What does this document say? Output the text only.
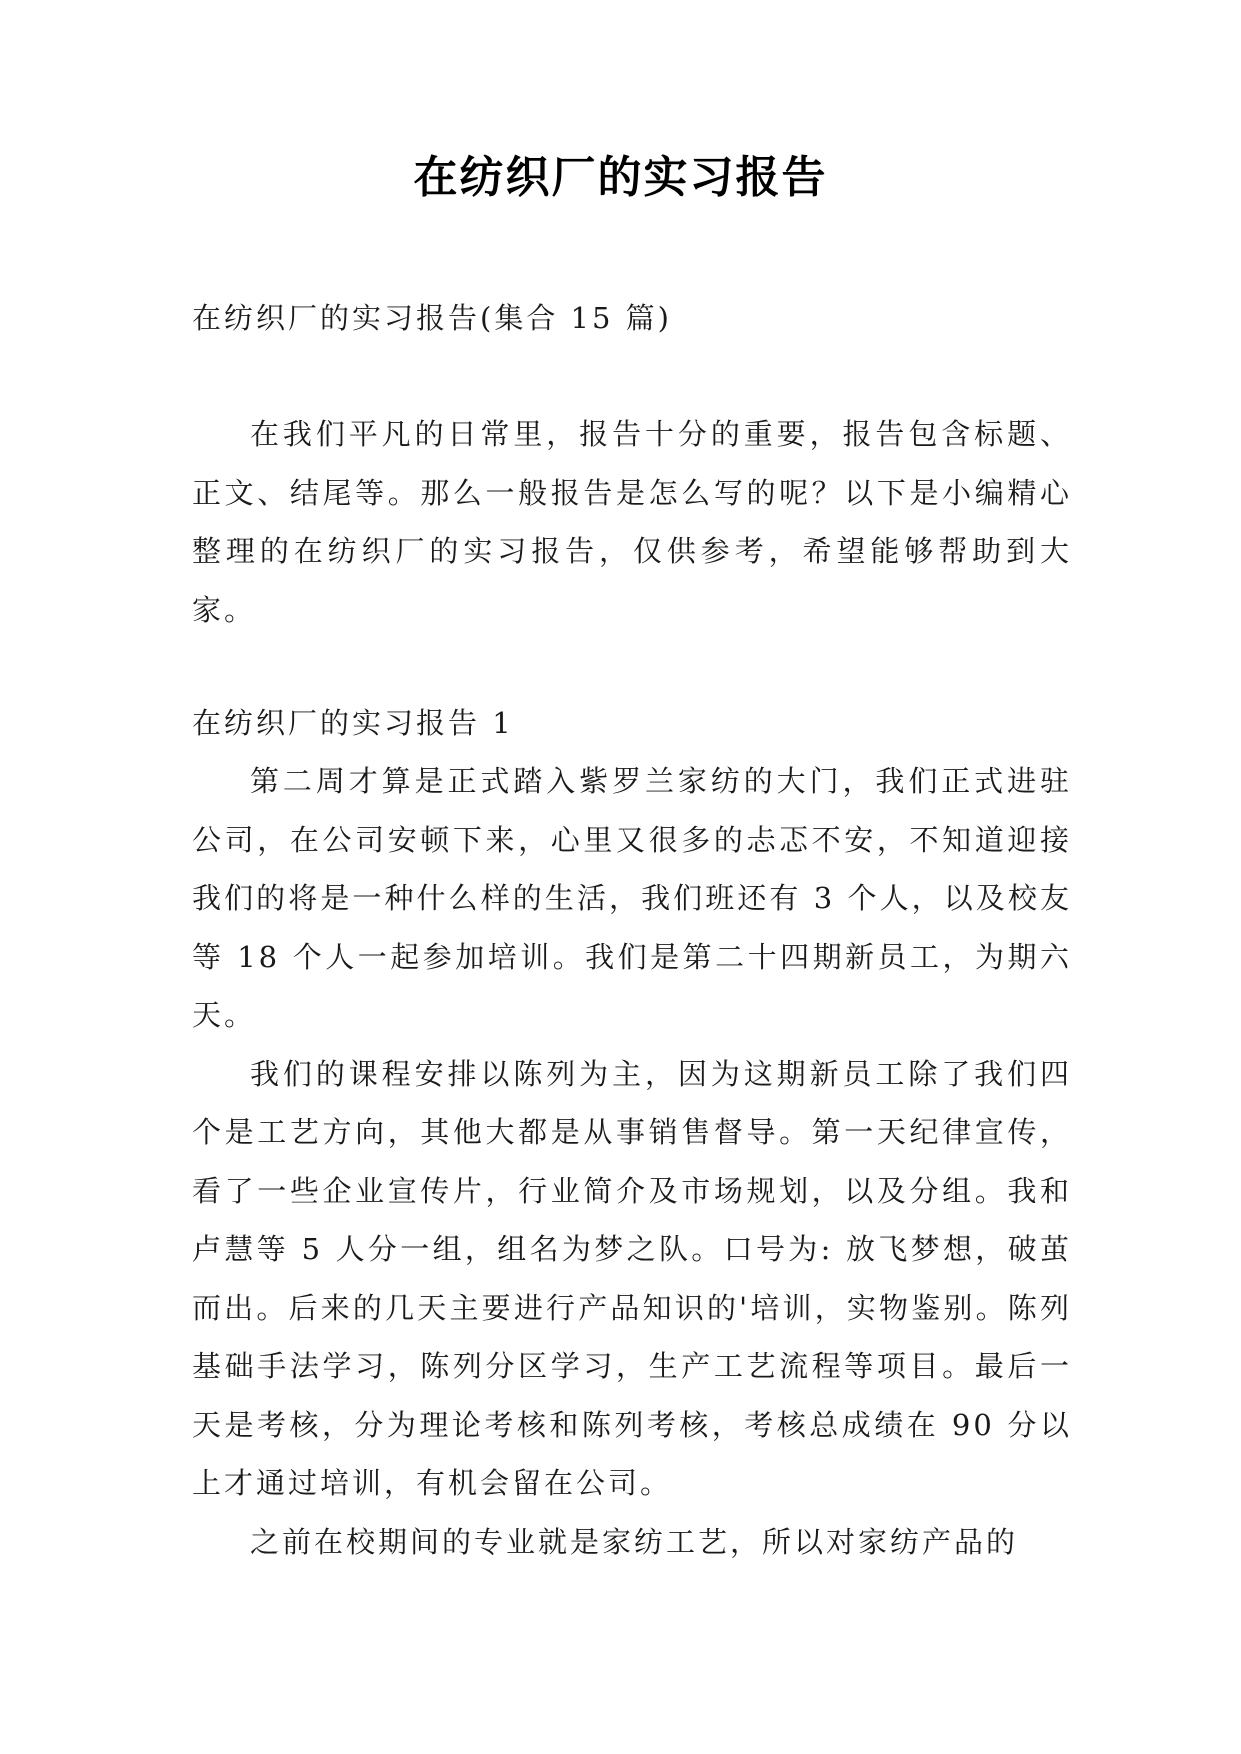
在纺织厂的实习报告
在纺织厂的实习报告(集合 15 篇)

在我们平凡的日常里，报告十分的重要，报告包含标题、正文、结尾等。那么一般报告是怎么写的呢？以下是小编精心整理的在纺织厂的实习报告，仅供参考，希望能够帮助到大家。

在纺织厂的实习报告 1

第二周才算是正式踏入紫罗兰家纺的大门，我们正式进驻公司，在公司安顿下来，心里又很多的忐忑不安，不知道迎接我们的将是一种什么样的生活，我们班还有 3 个人，以及校友等 18 个人一起参加培训。我们是第二十四期新员工，为期六天。

我们的课程安排以陈列为主，因为这期新员工除了我们四个是工艺方向，其他大都是从事销售督导。第一天纪律宣传，看了一些企业宣传片，行业简介及市场规划，以及分组。我和卢慧等 5 人分一组，组名为梦之队。口号为: 放飞梦想，破茧而出。后来的几天主要进行产品知识的'培训，实物鉴别。陈列基础手法学习，陈列分区学习，生产工艺流程等项目。最后一天是考核，分为理论考核和陈列考核，考核总成绩在 90 分以上才通过培训，有机会留在公司。

之前在校期间的专业就是家纺工艺，所以对家纺产品的
